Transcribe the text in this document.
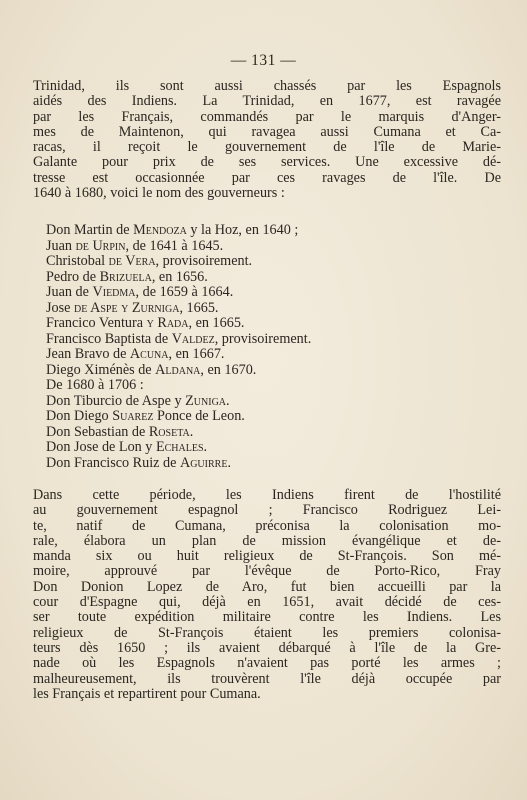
— 131 —

Trinidad, ils sont aussi chassés par les Espagnols
aidés des Indiens. La Trinidad, en 1677, est ravagée
par les Français, commandés par le marquis d'Anger-
mes de Maintenon, qui ravagea aussi Cumana et Ca-
racas, il reçoit le gouvernement de l'île de Marie-
Galante pour prix de ses services. Une excessive dé-
tresse est occasionnée par ces ravages de l'île. De
1640 à 1680, voici le nom des gouverneurs :

Don Martin de Mendoza y la Hoz, en 1640 ;
Juan de Urpin, de 1641 à 1645.
Christobal de Vera, provisoirement.
Pedro de Brizuela, en 1656.
Juan de Viedma, de 1659 à 1664.
Jose de Aspe y Zurniga, 1665.
Francico Ventura y Rada, en 1665.
Francisco Baptista de Valdez, provisoirement.
Jean Bravo de Acuna, en 1667.
Diego Ximénès de Aldana, en 1670.
De 1680 à 1706 :
Don Tiburcio de Aspe y Zuniga.
Don Diego Suarez Ponce de Leon.
Don Sebastian de Roseta.
Don Jose de Lon y Echales.
Don Francisco Ruiz de Aguirre.

Dans cette période, les Indiens firent de l'hostilité
au gouvernement espagnol ; Francisco Rodriguez Lei-
te, natif de Cumana, préconisa la colonisation mo-
rale, élabora un plan de mission évangélique et de-
manda six ou huit religieux de St-François. Son mé-
moire, approuvé par l'évêque de Porto-Rico, Fray
Don Donion Lopez de Aro, fut bien accueilli par la
cour d'Espagne qui, déjà en 1651, avait décidé de ces-
ser toute expédition militaire contre les Indiens. Les
religieux de St-François étaient les premiers colonisa-
teurs dès 1650 ; ils avaient débarqué à l'île de la Gre-
nade où les Espagnols n'avaient pas porté les armes ;
malheureusement, ils trouvèrent l'île déjà occupée par
les Français et repartirent pour Cumana.
